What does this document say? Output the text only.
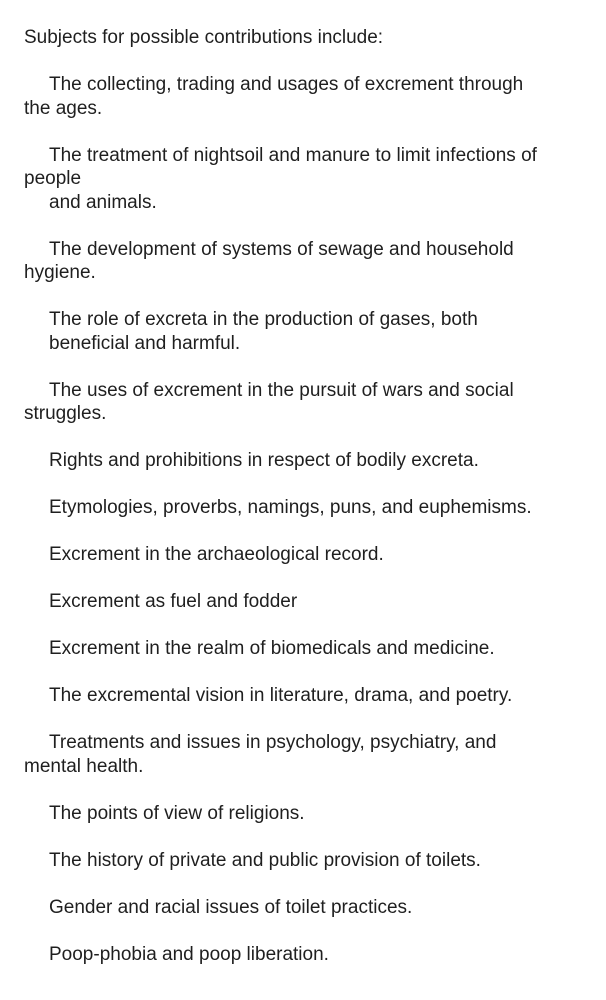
Subjects for possible contributions include:

The collecting, trading and usages of excrement through
the ages.

The treatment of nightsoil and manure to limit infections of
people
and animals.

The development of systems of sewage and household
hygiene.

The role of excreta in the production of gases, both
beneficial and harmful.

The uses of excrement in the pursuit of wars and social
struggles.

Rights and prohibitions in respect of bodily excreta.

Etymologies, proverbs, namings, puns, and euphemisms.

Excrement in the archaeological record.

Excrement as fuel and fodder

Excrement in the realm of biomedicals and medicine.

The excremental vision in literature, drama, and poetry.

Treatments and issues in psychology, psychiatry, and
mental health.

The points of view of religions.

The history of private and public provision of toilets.

Gender and racial issues of toilet practices.

Poop-phobia and poop liberation.
